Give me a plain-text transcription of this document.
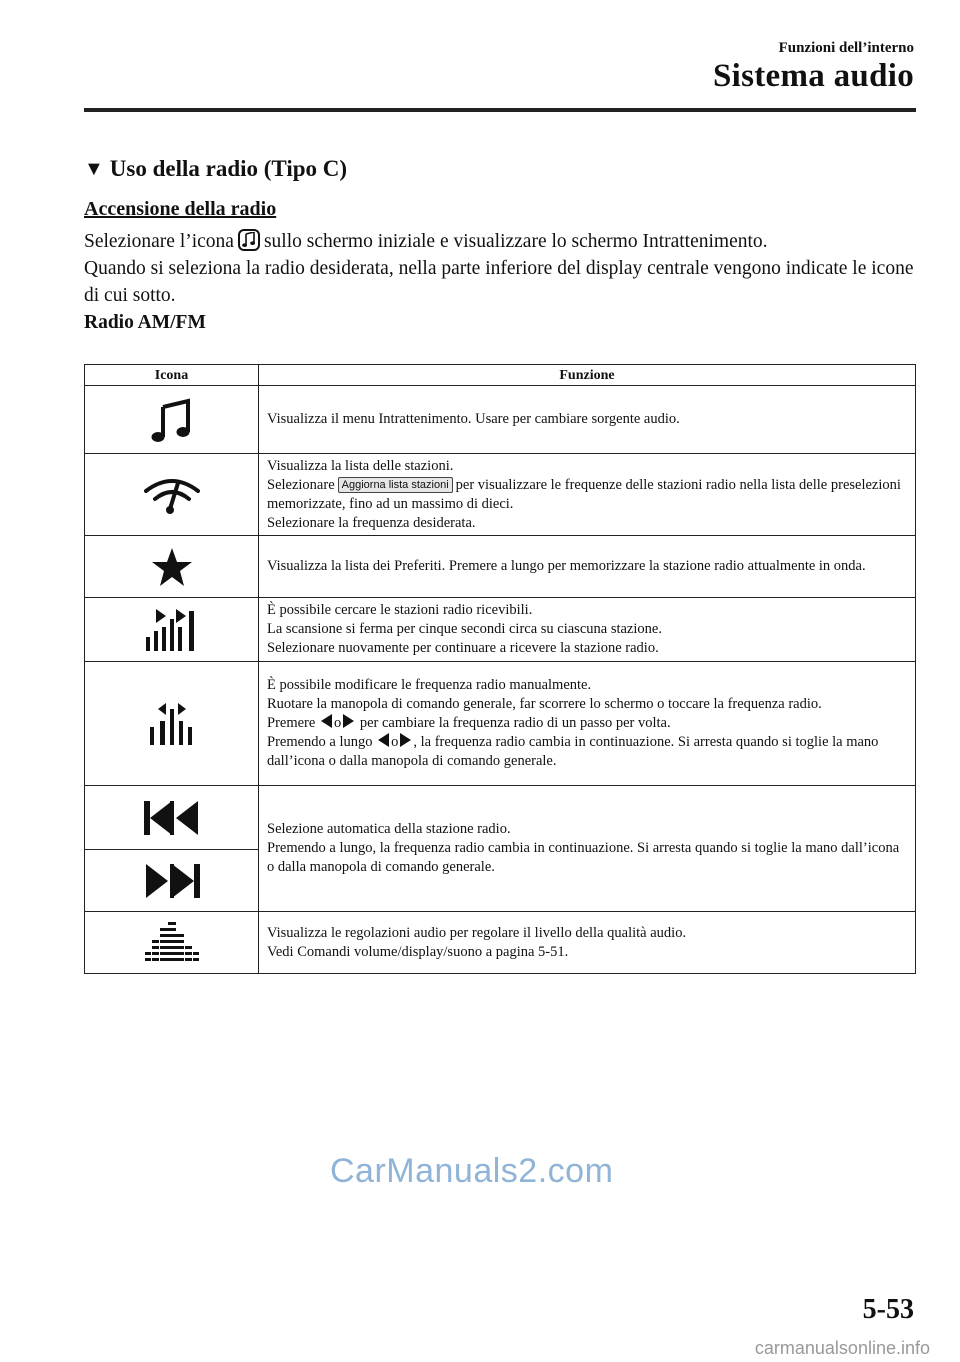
Funzioni dell’interno
Sistema audio
▼ Uso della radio (Tipo C)
Accensione della radio

Selezionare l’icona sullo schermo iniziale e visualizzare lo schermo Intrattenimento.

Quando si seleziona la radio desiderata, nella parte inferiore del display centrale vengono indicate le icone di cui sotto.

Radio AM/FM
Icona	Funzione

Visualizza il menu Intrattenimento. Usare per cambiare sorgente audio.

Visualizza la lista delle stazioni.
Selezionare Aggiorna lista stazioni per visualizzare le frequenze delle stazioni radio nella lista delle preselezioni memorizzate, fino ad un massimo di dieci.
Selezionare la frequenza desiderata.

Visualizza la lista dei Preferiti. Premere a lungo per memorizzare la stazione radio attualmente in onda.

È possibile cercare le stazioni radio ricevibili.
La scansione si ferma per cinque secondi circa su ciascuna stazione.
Selezionare nuovamente per continuare a ricevere la stazione radio.

È possibile modificare le frequenza radio manualmente.
Ruotare la manopola di comando generale, far scorrere lo schermo o toccare la frequenza radio.
Premere o per cambiare la frequenza radio di un passo per volta.
Premendo a lungo o , la frequenza radio cambia in continuazione. Si arresta quando si toglie la mano dall’icona o dalla manopola di comando generale.

Selezione automatica della stazione radio.
Premendo a lungo, la frequenza radio cambia in continuazione. Si arresta quando si toglie la mano dall’icona o dalla manopola di comando generale.

Visualizza le regolazioni audio per regolare il livello della qualità audio.
Vedi Comandi volume/display/suono a pagina 5-51.
CarManuals2.com
5-53
carmanualsonline.info
